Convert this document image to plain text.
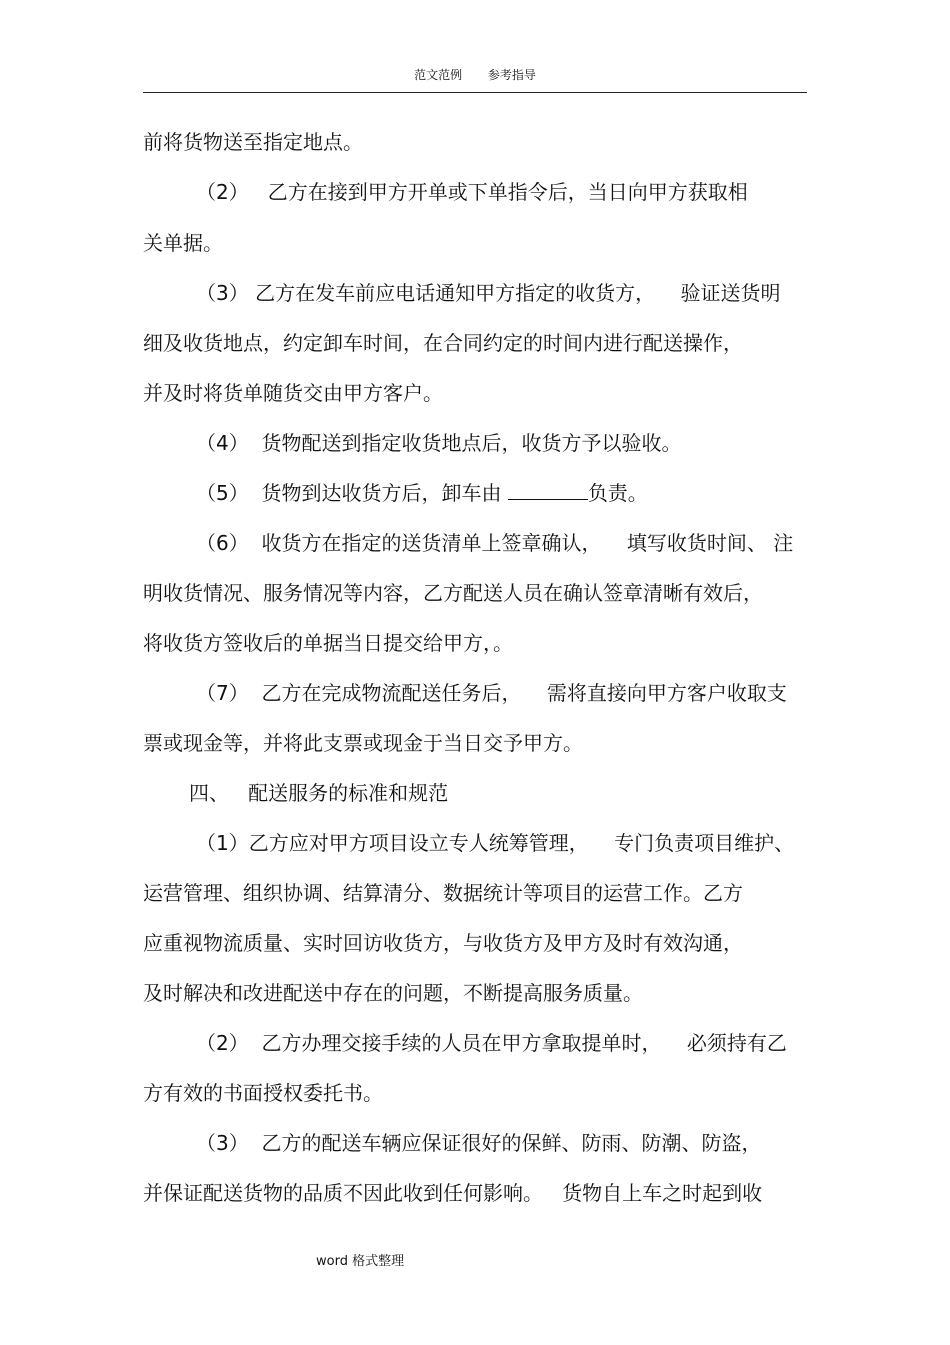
范文范例 参考指导
前将货物送至指定地点。
（2）   乙方在接到甲方开单或下单指令后，当日向甲方获取相
关单据。
（3） 乙方在发车前应电话通知甲方指定的收货方，    验证送货明
细及收货地点，约定卸车时间，在合同约定的时间内进行配送操作，
并及时将货单随货交由甲方客户。
（4）  货物配送到指定收货地点后，收货方予以验收。
（5）  货物到达收货方后，卸车由	负责。
（6）  收货方在指定的送货清单上签章确认，    填写收货时间、 注
明收货情况、服务情况等内容，乙方配送人员在确认签章清晰有效后，
将收货方签收后的单据当日提交给甲方，。
（7）  乙方在完成物流配送任务后，    需将直接向甲方客户收取支
票或现金等，并将此支票或现金于当日交予甲方。
四、   配送服务的标准和规范
（1）乙方应对甲方项目设立专人统筹管理，    专门负责项目维护、
运营管理、组织协调、结算清分、数据统计等项目的运营工作。乙方
应重视物流质量、实时回访收货方，与收货方及甲方及时有效沟通，
及时解决和改进配送中存在的问题，不断提高服务质量。
（2）  乙方办理交接手续的人员在甲方拿取提单时，    必须持有乙
方有效的书面授权委托书。
（3）  乙方的配送车辆应保证很好的保鲜、防雨、防潮、防盗，
并保证配送货物的品质不因此收到任何影响。   货物自上车之时起到收
word 格式整理
